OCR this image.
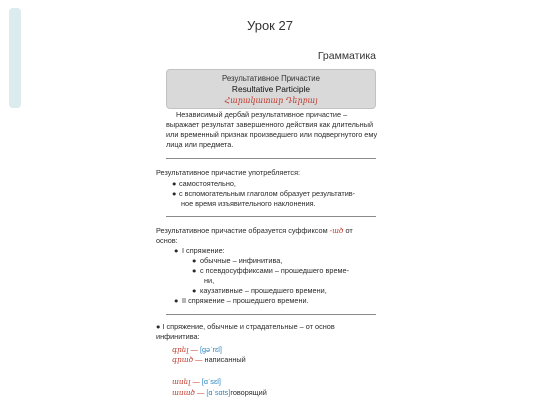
Урок 27
Грамматика
Результативное Причастие
Resultative Participle
Հարակատար Դերբայ

Независимый дербай результативное причастие – выражает результат завершенного действия как длительный или временный признак произведшего или подвергнутого ему лица или предмета.

Результативное причастие употребляется:

● самостоятельно,
● с вспомогательным глаголом образует результатив-
ное время изъявительного наклонения.

Результативное причастие образуется суффиксом -ած от основ:

● I спряжение:
● обычные – инфинитива,
● с псевдосуффиксами – прошедшего време-
ни,
● каузативные – прошедшего времени,
● II спряжение – прошедшего времени.

● I спряжение, обычные и страдательные – от основ инфинитива:

գրել — [gəˈrɛl]
գրած — написанный
ասել — [ɑˈsɛl]
ասած — [ɑˈsɑts]говорящий
